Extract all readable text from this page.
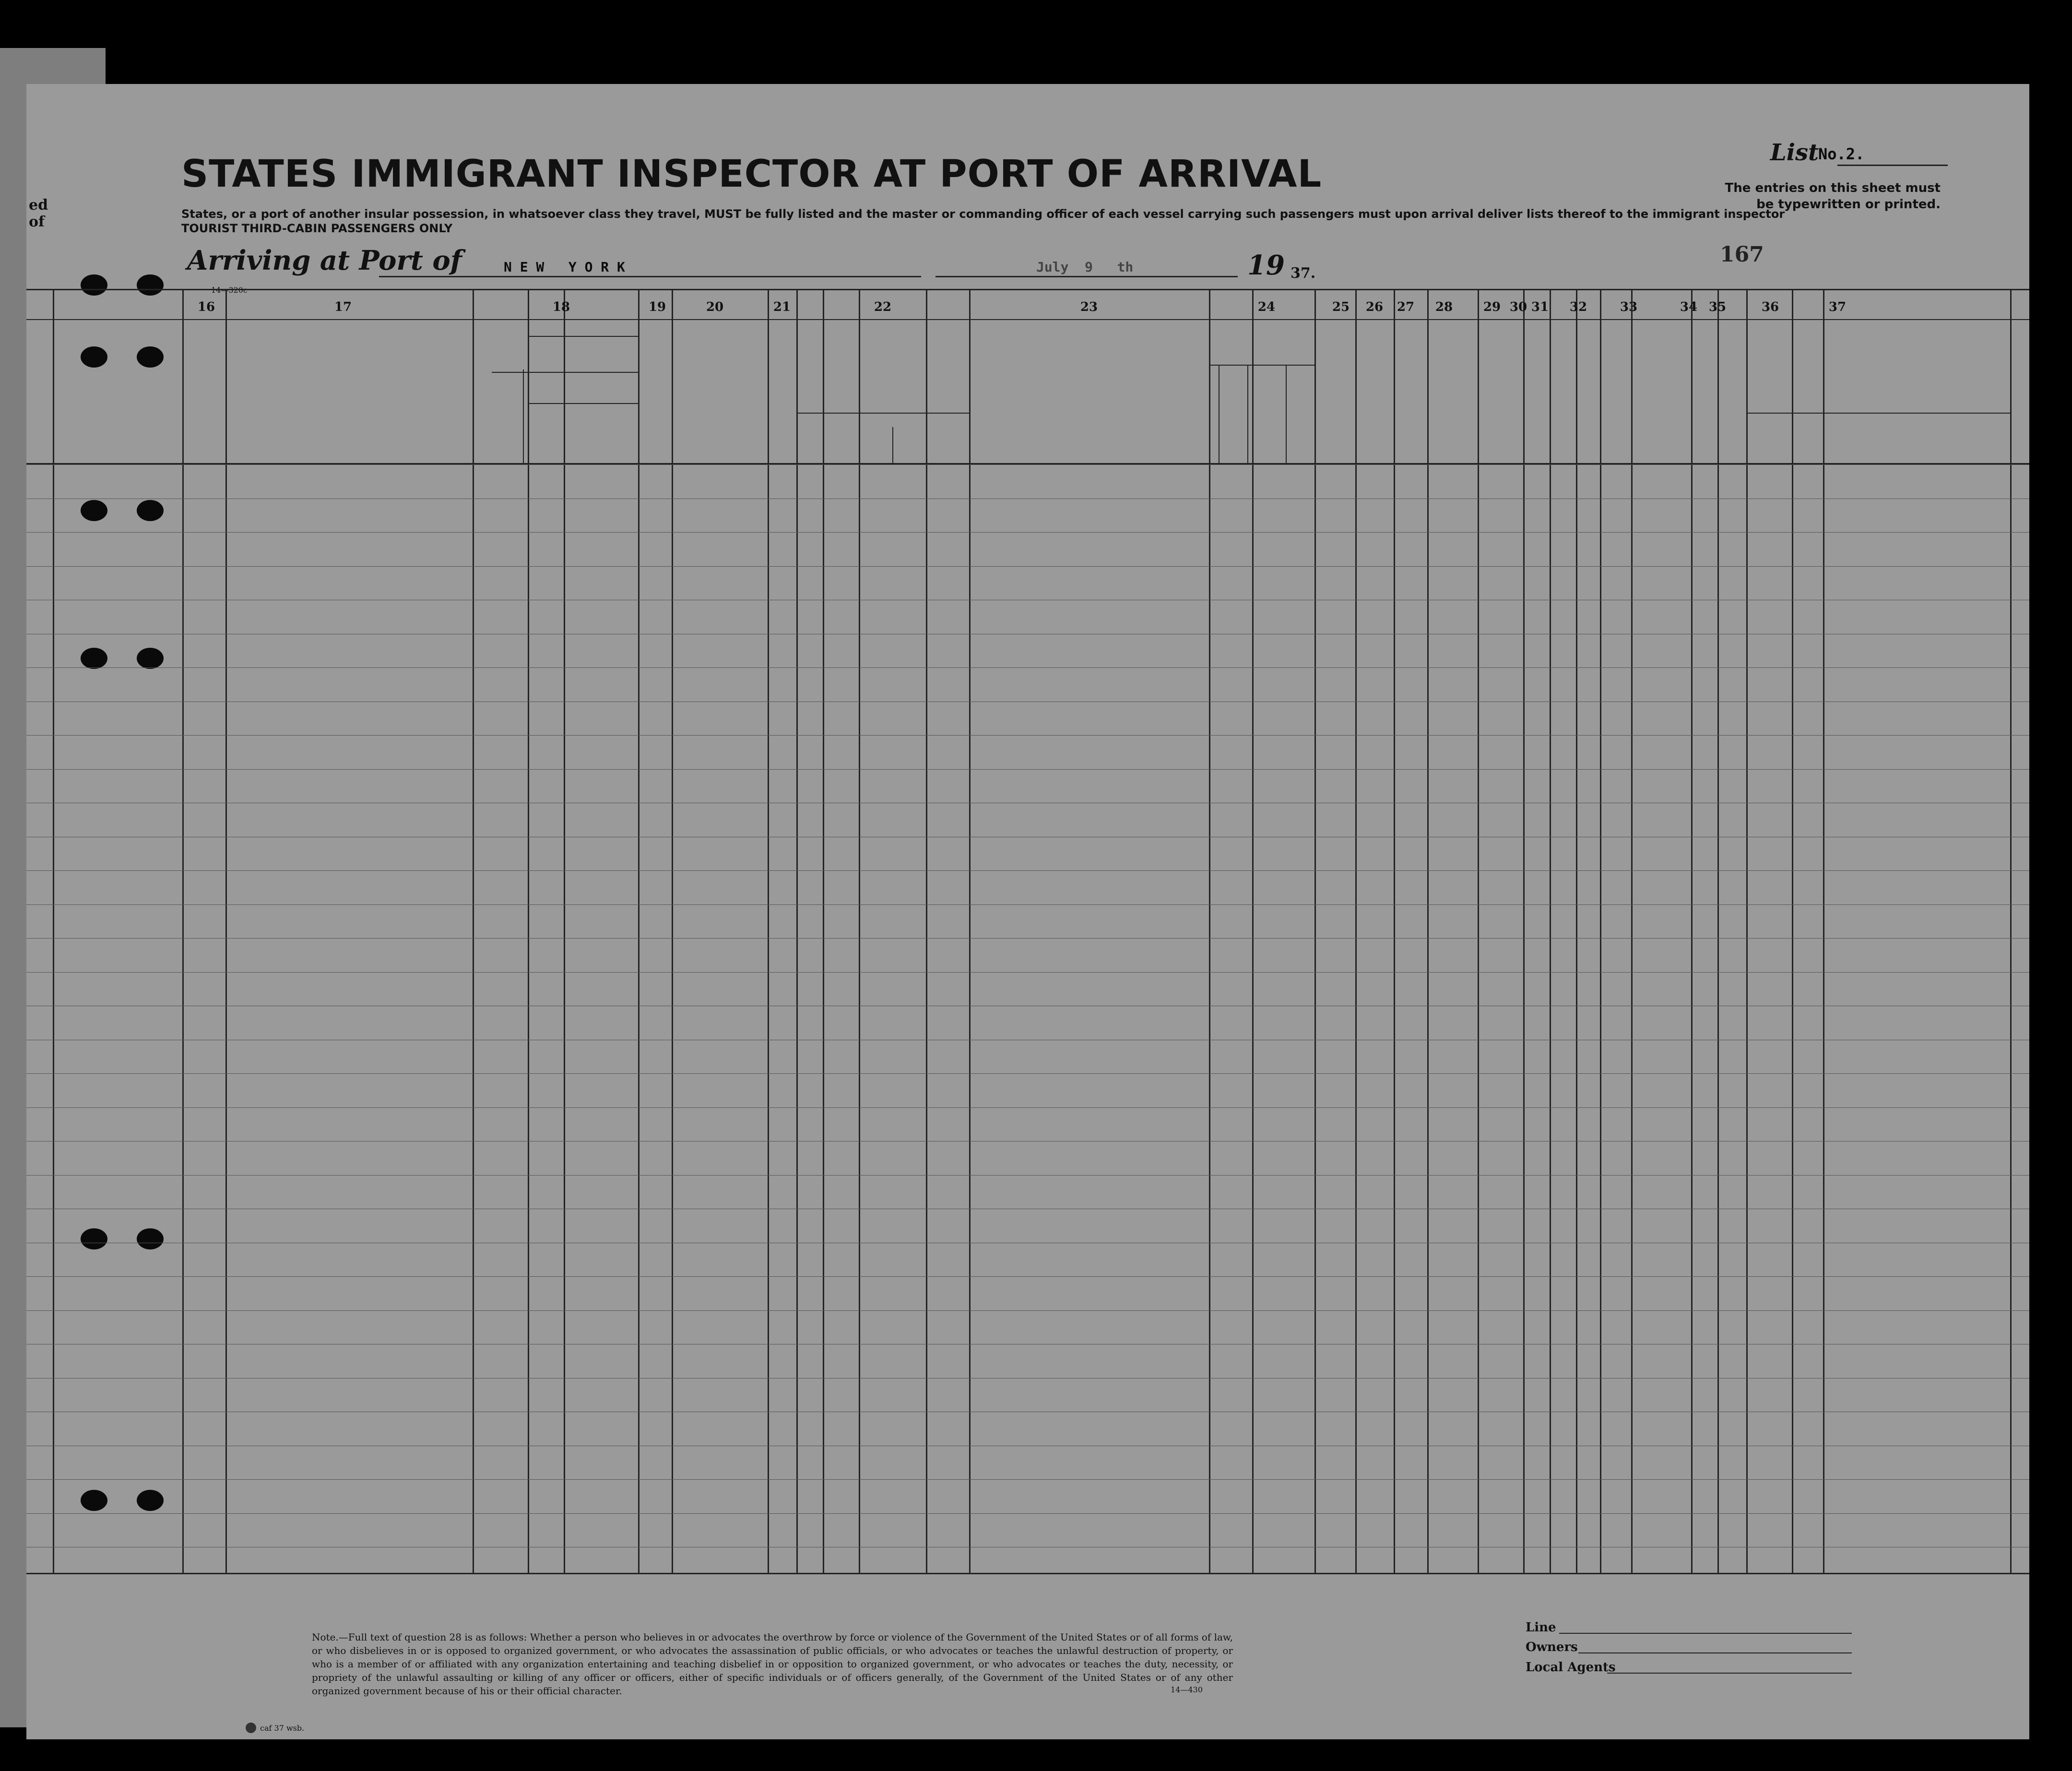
ed
of
STATES IMMIGRANT INSPECTOR AT PORT OF ARRIVAL
States, or a port of another insular possession, in whatsoever class they travel, MUST be fully listed and the master or commanding officer of each vessel carrying such passengers must upon arrival deliver lists thereof to the immigrant inspector
TOURIST THIRD-CABIN PASSENGERS ONLY
Arriving at Port of	N E W   Y O R K	July  9   th	19 37.
List
No.2.
The entries on this sheet must be typewritten or printed.
167
16	17	18	19	20	21	22	23	24	25	26	27	28	29 30 31	32	33	34 35	36	37
Note.—Full text of question 28 is as follows: Whether a person who believes in or advocates the overthrow by force or violence of the Government of the United States or of all forms of law, or who disbelieves in or is opposed to organized government, or who advocates the assassination of public officials, or who advocates or teaches the unlawful destruction of property, or who is a member of or affiliated with any organization entertaining and teaching disbelief in or opposition to organized government, or who advocates or teaches the duty, necessity, or propriety of the unlawful assaulting or killing of any officer or officers, either of specific individuals or of officers generally, of the Government of the United States or of any other organized government because of his or their official character.	14—430
Line
Owners
Local Agents
caf 37 wsb.
